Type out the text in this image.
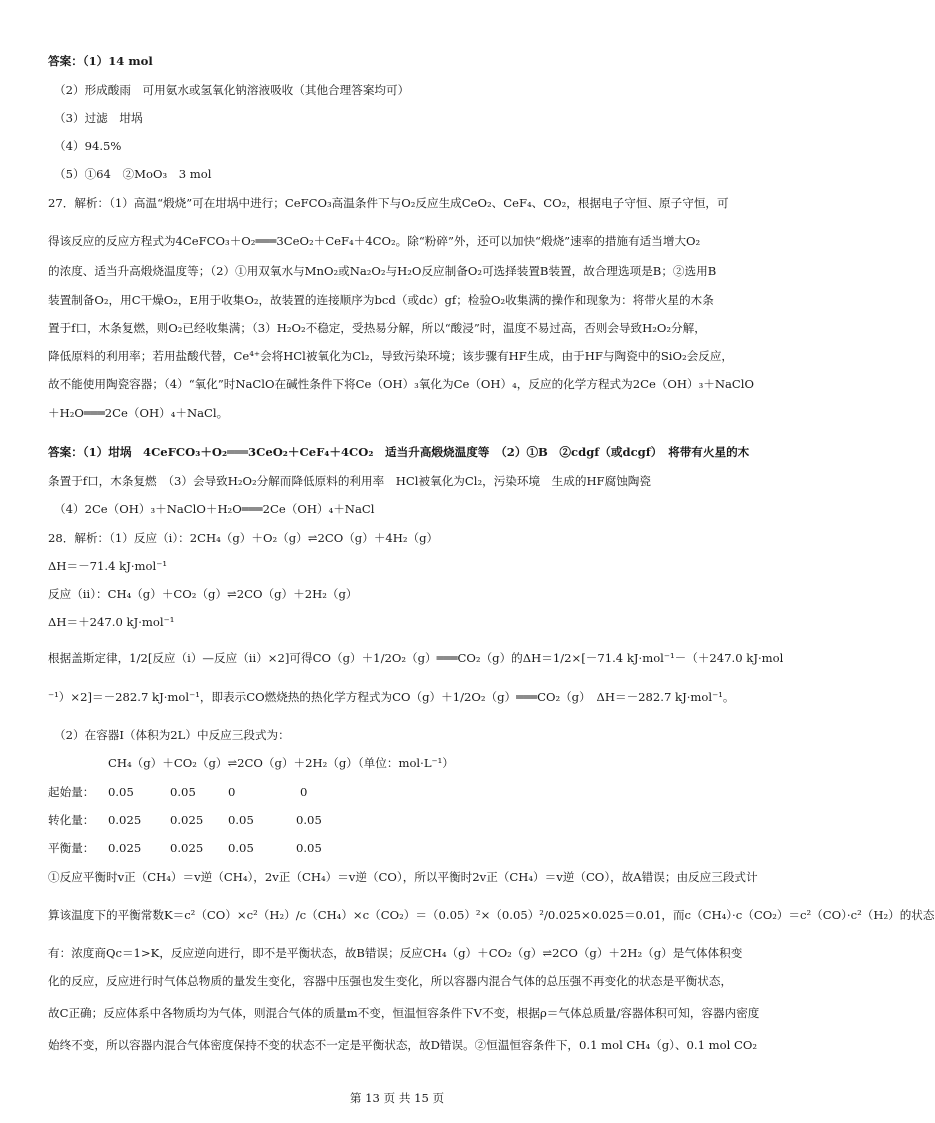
答案：（1）14 mol
（2）形成酸雨　可用氨水或氢氧化钠溶液吸收（其他合理答案均可）
（3）过滤　坩埚
（4）94.5%
（5）①64　②MoO₃　3 mol
27．解析：（1）高温“煅烧”可在坩埚中进行；CeFCO₃高温条件下与O₂反应生成CeO₂、CeF₄、CO₂，根据电子守恒、原子守恒，可
得该反应的反应方程式为4CeFCO₃＋O₂═══3CeO₂＋CeF₄＋4CO₂。除“粉碎”外，还可以加快“煅烧”速率的措施有适当增大O₂
的浓度、适当升高煅烧温度等；（2）①用双氧水与MnO₂或Na₂O₂与H₂O反应制备O₂可选择装置B装置，故合理选项是B；②选用B
装置制备O₂，用C干燥O₂，E用于收集O₂，故装置的连接顺序为bcd（或dc）gf；检验O₂收集满的操作和现象为：将带火星的木条
置于f口，木条复燃，则O₂已经收集满；（3）H₂O₂不稳定，受热易分解，所以“酸浸”时，温度不易过高，否则会导致H₂O₂分解，
降低原料的利用率；若用盐酸代替，Ce⁴⁺会将HCl被氧化为Cl₂，导致污染环境；该步骤有HF生成，由于HF与陶瓷中的SiO₂会反应，
故不能使用陶瓷容器；（4）“氧化”时NaClO在碱性条件下将Ce（OH）₃氧化为Ce（OH）₄，反应的化学方程式为2Ce（OH）₃＋NaClO
＋H₂O═══2Ce（OH）₄＋NaCl。
答案：（1）坩埚　4CeFCO₃＋O₂═══3CeO₂＋CeF₄＋4CO₂　适当升高煅烧温度等　（2）①B　②cdgf（或dcgf）　将带有火星的木
条置于f口，木条复燃　（3）会导致H₂O₂分解而降低原料的利用率　HCl被氧化为Cl₂，污染环境　生成的HF腐蚀陶瓷
（4）2Ce（OH）₃＋NaClO＋H₂O═══2Ce（OH）₄＋NaCl
28．解析：（1）反应（ⅰ）：2CH₄（g）＋O₂（g）⇌2CO（g）＋4H₂（g）
ΔH＝－71.4 kJ·mol⁻¹
反应（ⅱ）：CH₄（g）＋CO₂（g）⇌2CO（g）＋2H₂（g）
ΔH＝＋247.0 kJ·mol⁻¹
根据盖斯定律，1/2[反应（ⅰ）—反应（ⅱ）×2]可得CO（g）＋1/2O₂（g）═══CO₂（g）的ΔH＝1/2×[－71.4 kJ·mol⁻¹－（＋247.0 kJ·mol
⁻¹）×2]＝－282.7 kJ·mol⁻¹，即表示CO燃烧热的热化学方程式为CO（g）＋1/2O₂（g）═══CO₂（g）　ΔH＝－282.7 kJ·mol⁻¹。
（2）在容器Ⅰ（体积为2L）中反应三段式为：
CH₄（g）＋CO₂（g）⇌2CO（g）＋2H₂（g）（单位：mol·L⁻¹）
起始量： 0.05	0.05	0	0
转化量： 0.025 0.025 0.05	0.05
平衡量： 0.025 0.025 0.05	0.05
①反应平衡时v正（CH₄）＝v逆（CH₄），2v正（CH₄）＝v逆（CO），所以平衡时2v正（CH₄）＝v逆（CO），故A错误；由反应三段式计
算该温度下的平衡常数K＝c²（CO）×c²（H₂）/c（CH₄）×c（CO₂）＝（0.05）²×（0.05）²/0.025×0.025＝0.01，而c（CH₄）·c（CO₂）＝c²（CO）·c²（H₂）的状态
有：浓度商Qc＝1>K，反应逆向进行，即不是平衡状态，故B错误；反应CH₄（g）＋CO₂（g）⇌2CO（g）＋2H₂（g）是气体体积变
化的反应，反应进行时气体总物质的量发生变化，容器中压强也发生变化，所以容器内混合气体的总压强不再变化的状态是平衡状态，
故C正确；反应体系中各物质均为气体，则混合气体的质量m不变，恒温恒容条件下V不变，根据ρ＝气体总质量/容器体积可知，容器内密度
始终不变，所以容器内混合气体密度保持不变的状态不一定是平衡状态，故D错误。②恒温恒容条件下，0.1 mol CH₄（g）、0.1 mol CO₂
第 13 页 共 15 页
